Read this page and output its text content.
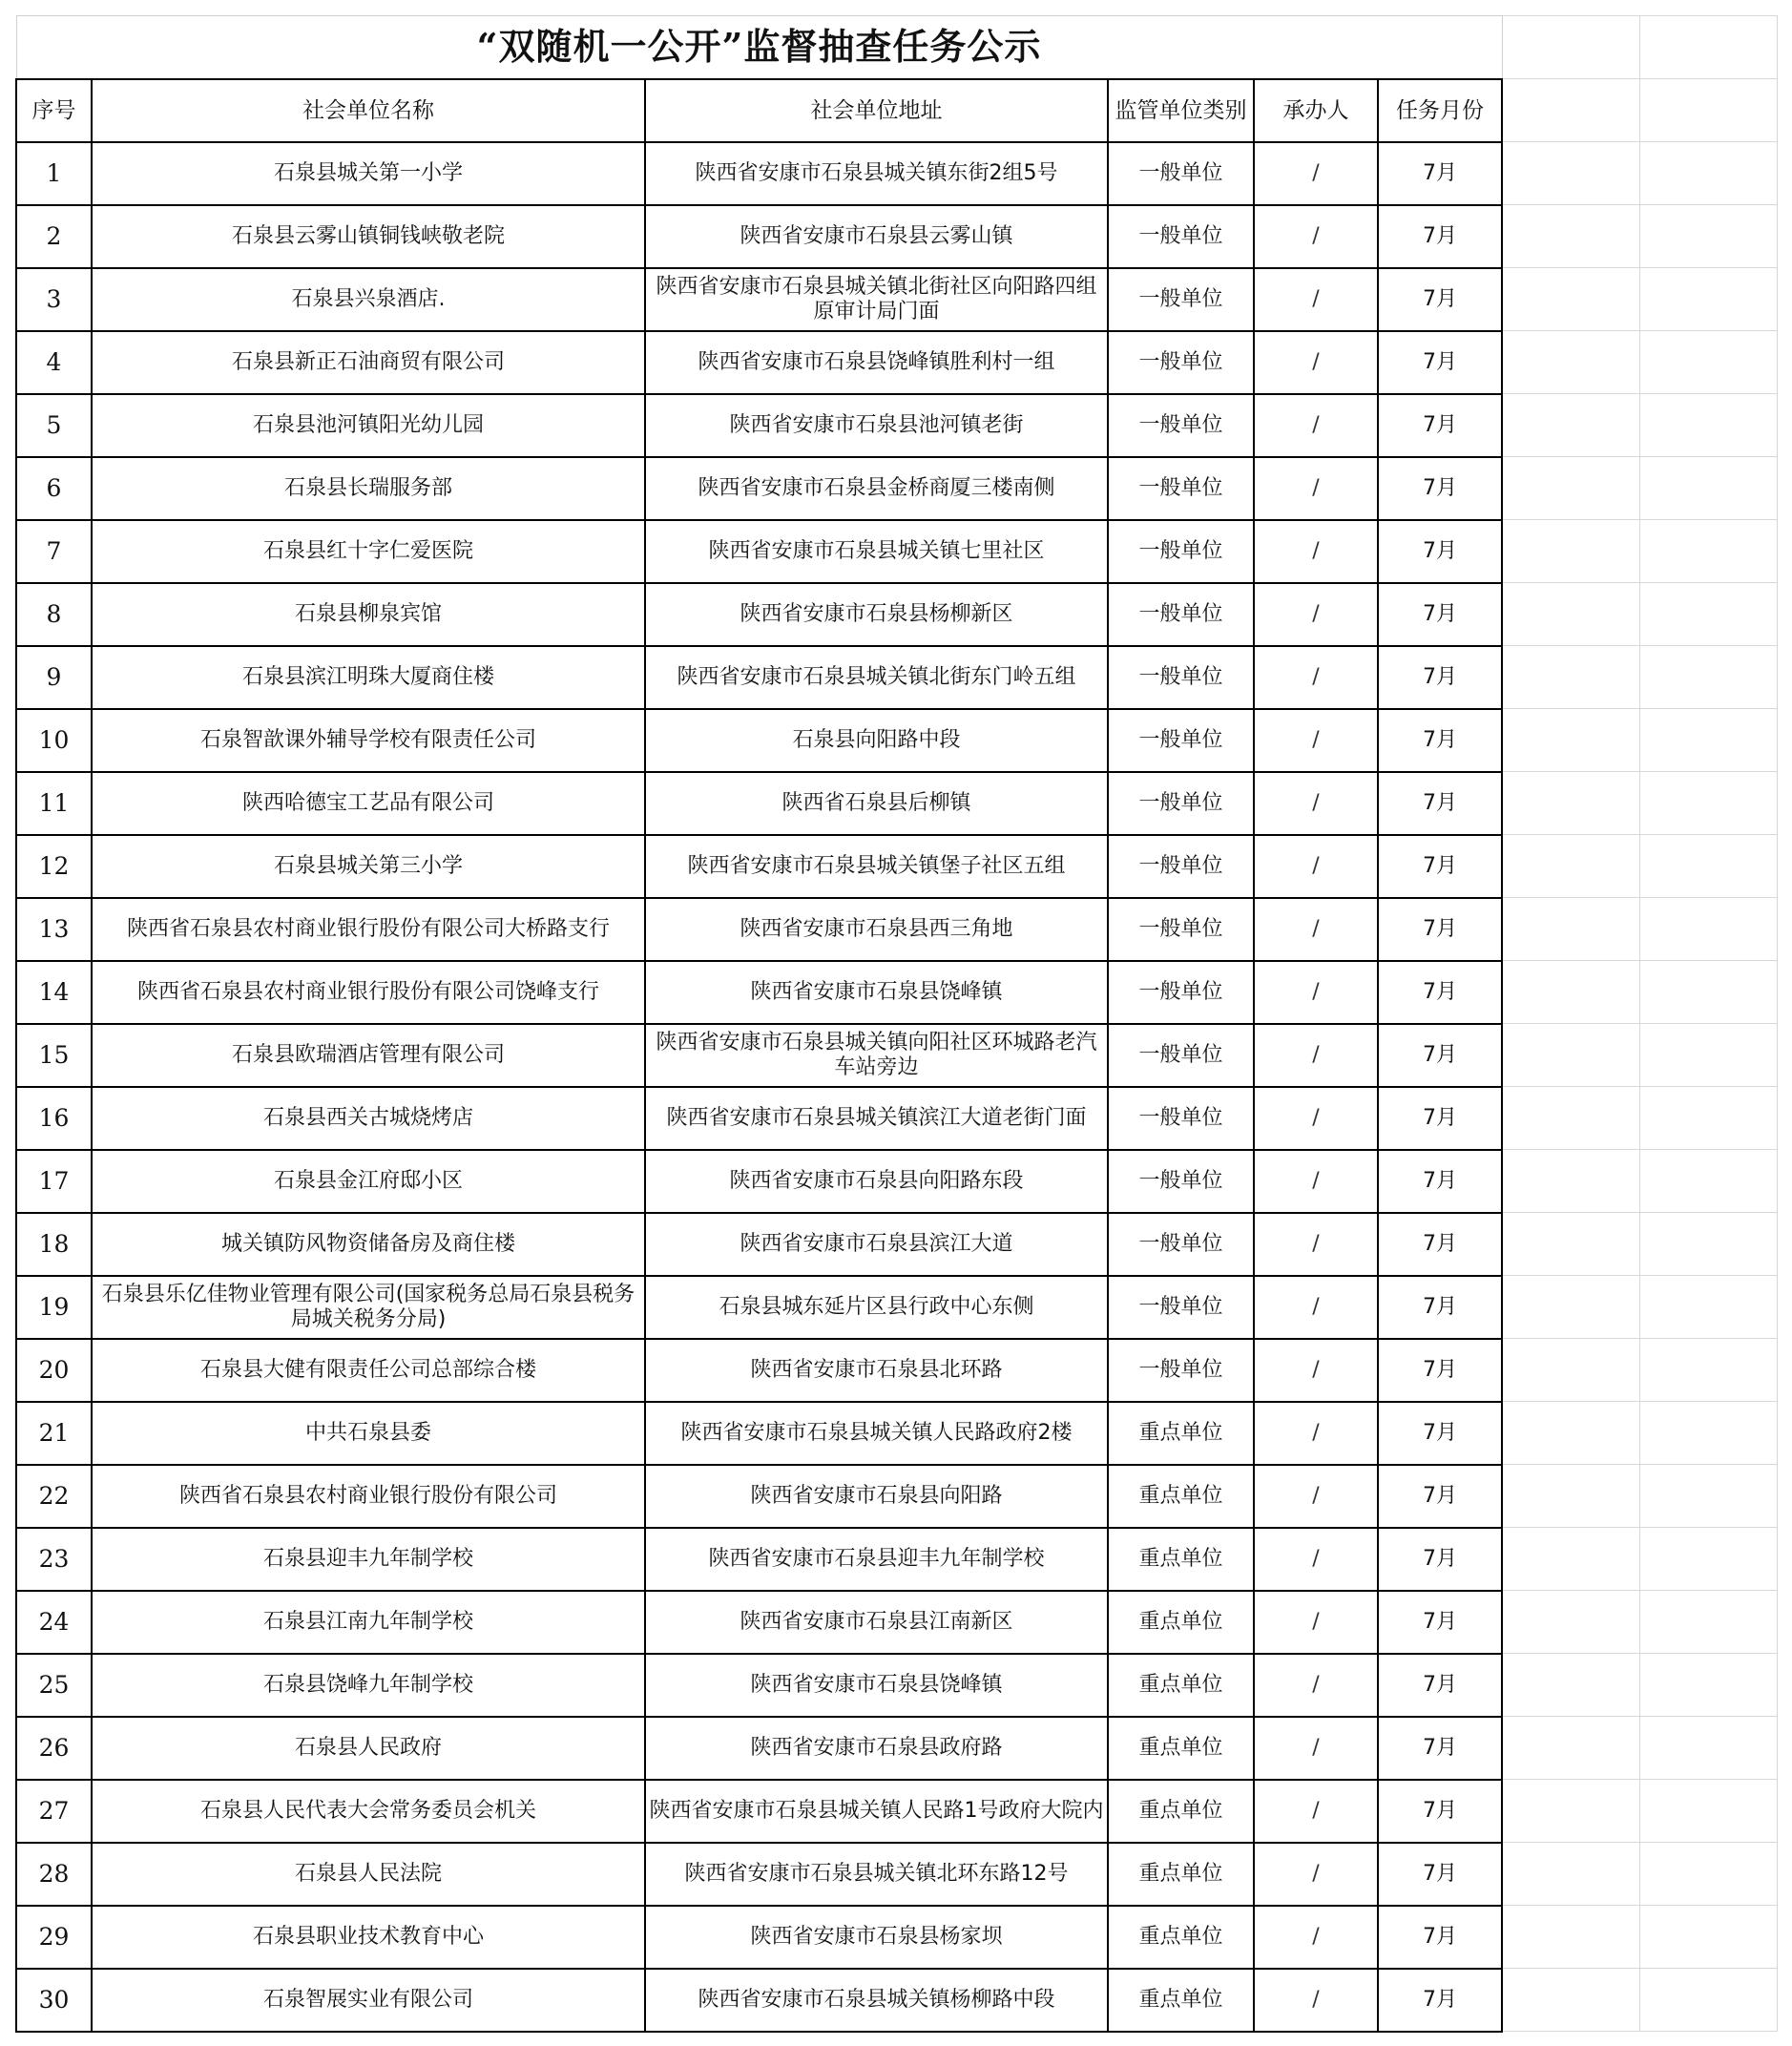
“双随机一公开”监督抽查任务公示							
序号	社会单位名称	社会单位地址	监管单位类别	承办人	任务月份		
1	石泉县城关第一小学	陕西省安康市石泉县城关镇东街2组5号	一般单位	/	7月		
2	石泉县云雾山镇铜钱峡敬老院	陕西省安康市石泉县云雾山镇	一般单位	/	7月		
3	石泉县兴泉酒店.	陕西省安康市石泉县城关镇北街社区向阳路四组原审计局门面	一般单位	/	7月		
4	石泉县新正石油商贸有限公司	陕西省安康市石泉县饶峰镇胜利村一组	一般单位	/	7月		
5	石泉县池河镇阳光幼儿园	陕西省安康市石泉县池河镇老街	一般单位	/	7月		
6	石泉县长瑞服务部	陕西省安康市石泉县金桥商厦三楼南侧	一般单位	/	7月		
7	石泉县红十字仁爱医院	陕西省安康市石泉县城关镇七里社区	一般单位	/	7月		
8	石泉县柳泉宾馆	陕西省安康市石泉县杨柳新区	一般单位	/	7月		
9	石泉县滨江明珠大厦商住楼	陕西省安康市石泉县城关镇北街东门岭五组	一般单位	/	7月		
10	石泉智歆课外辅导学校有限责任公司	石泉县向阳路中段	一般单位	/	7月		
11	陕西哈德宝工艺品有限公司	陕西省石泉县后柳镇	一般单位	/	7月		
12	石泉县城关第三小学	陕西省安康市石泉县城关镇堡子社区五组	一般单位	/	7月		
13	陕西省石泉县农村商业银行股份有限公司大桥路支行	陕西省安康市石泉县西三角地	一般单位	/	7月		
14	陕西省石泉县农村商业银行股份有限公司饶峰支行	陕西省安康市石泉县饶峰镇	一般单位	/	7月		
15	石泉县欧瑞酒店管理有限公司	陕西省安康市石泉县城关镇向阳社区环城路老汽车站旁边	一般单位	/	7月		
16	石泉县西关古城烧烤店	陕西省安康市石泉县城关镇滨江大道老街门面	一般单位	/	7月		
17	石泉县金江府邸小区	陕西省安康市石泉县向阳路东段	一般单位	/	7月		
18	城关镇防风物资储备房及商住楼	陕西省安康市石泉县滨江大道	一般单位	/	7月		
19	石泉县乐亿佳物业管理有限公司(国家税务总局石泉县税务局城关税务分局)	石泉县城东延片区县行政中心东侧	一般单位	/	7月		
20	石泉县大健有限责任公司总部综合楼	陕西省安康市石泉县北环路	一般单位	/	7月		
21	中共石泉县委	陕西省安康市石泉县城关镇人民路政府2楼	重点单位	/	7月		
22	陕西省石泉县农村商业银行股份有限公司	陕西省安康市石泉县向阳路	重点单位	/	7月		
23	石泉县迎丰九年制学校	陕西省安康市石泉县迎丰九年制学校	重点单位	/	7月		
24	石泉县江南九年制学校	陕西省安康市石泉县江南新区	重点单位	/	7月		
25	石泉县饶峰九年制学校	陕西省安康市石泉县饶峰镇	重点单位	/	7月		
26	石泉县人民政府	陕西省安康市石泉县政府路	重点单位	/	7月		
27	石泉县人民代表大会常务委员会机关	陕西省安康市石泉县城关镇人民路1号政府大院内	重点单位	/	7月		
28	石泉县人民法院	陕西省安康市石泉县城关镇北环东路12号	重点单位	/	7月		
29	石泉县职业技术教育中心	陕西省安康市石泉县杨家坝	重点单位	/	7月		
30	石泉智展实业有限公司	陕西省安康市石泉县城关镇杨柳路中段	重点单位	/	7月		
